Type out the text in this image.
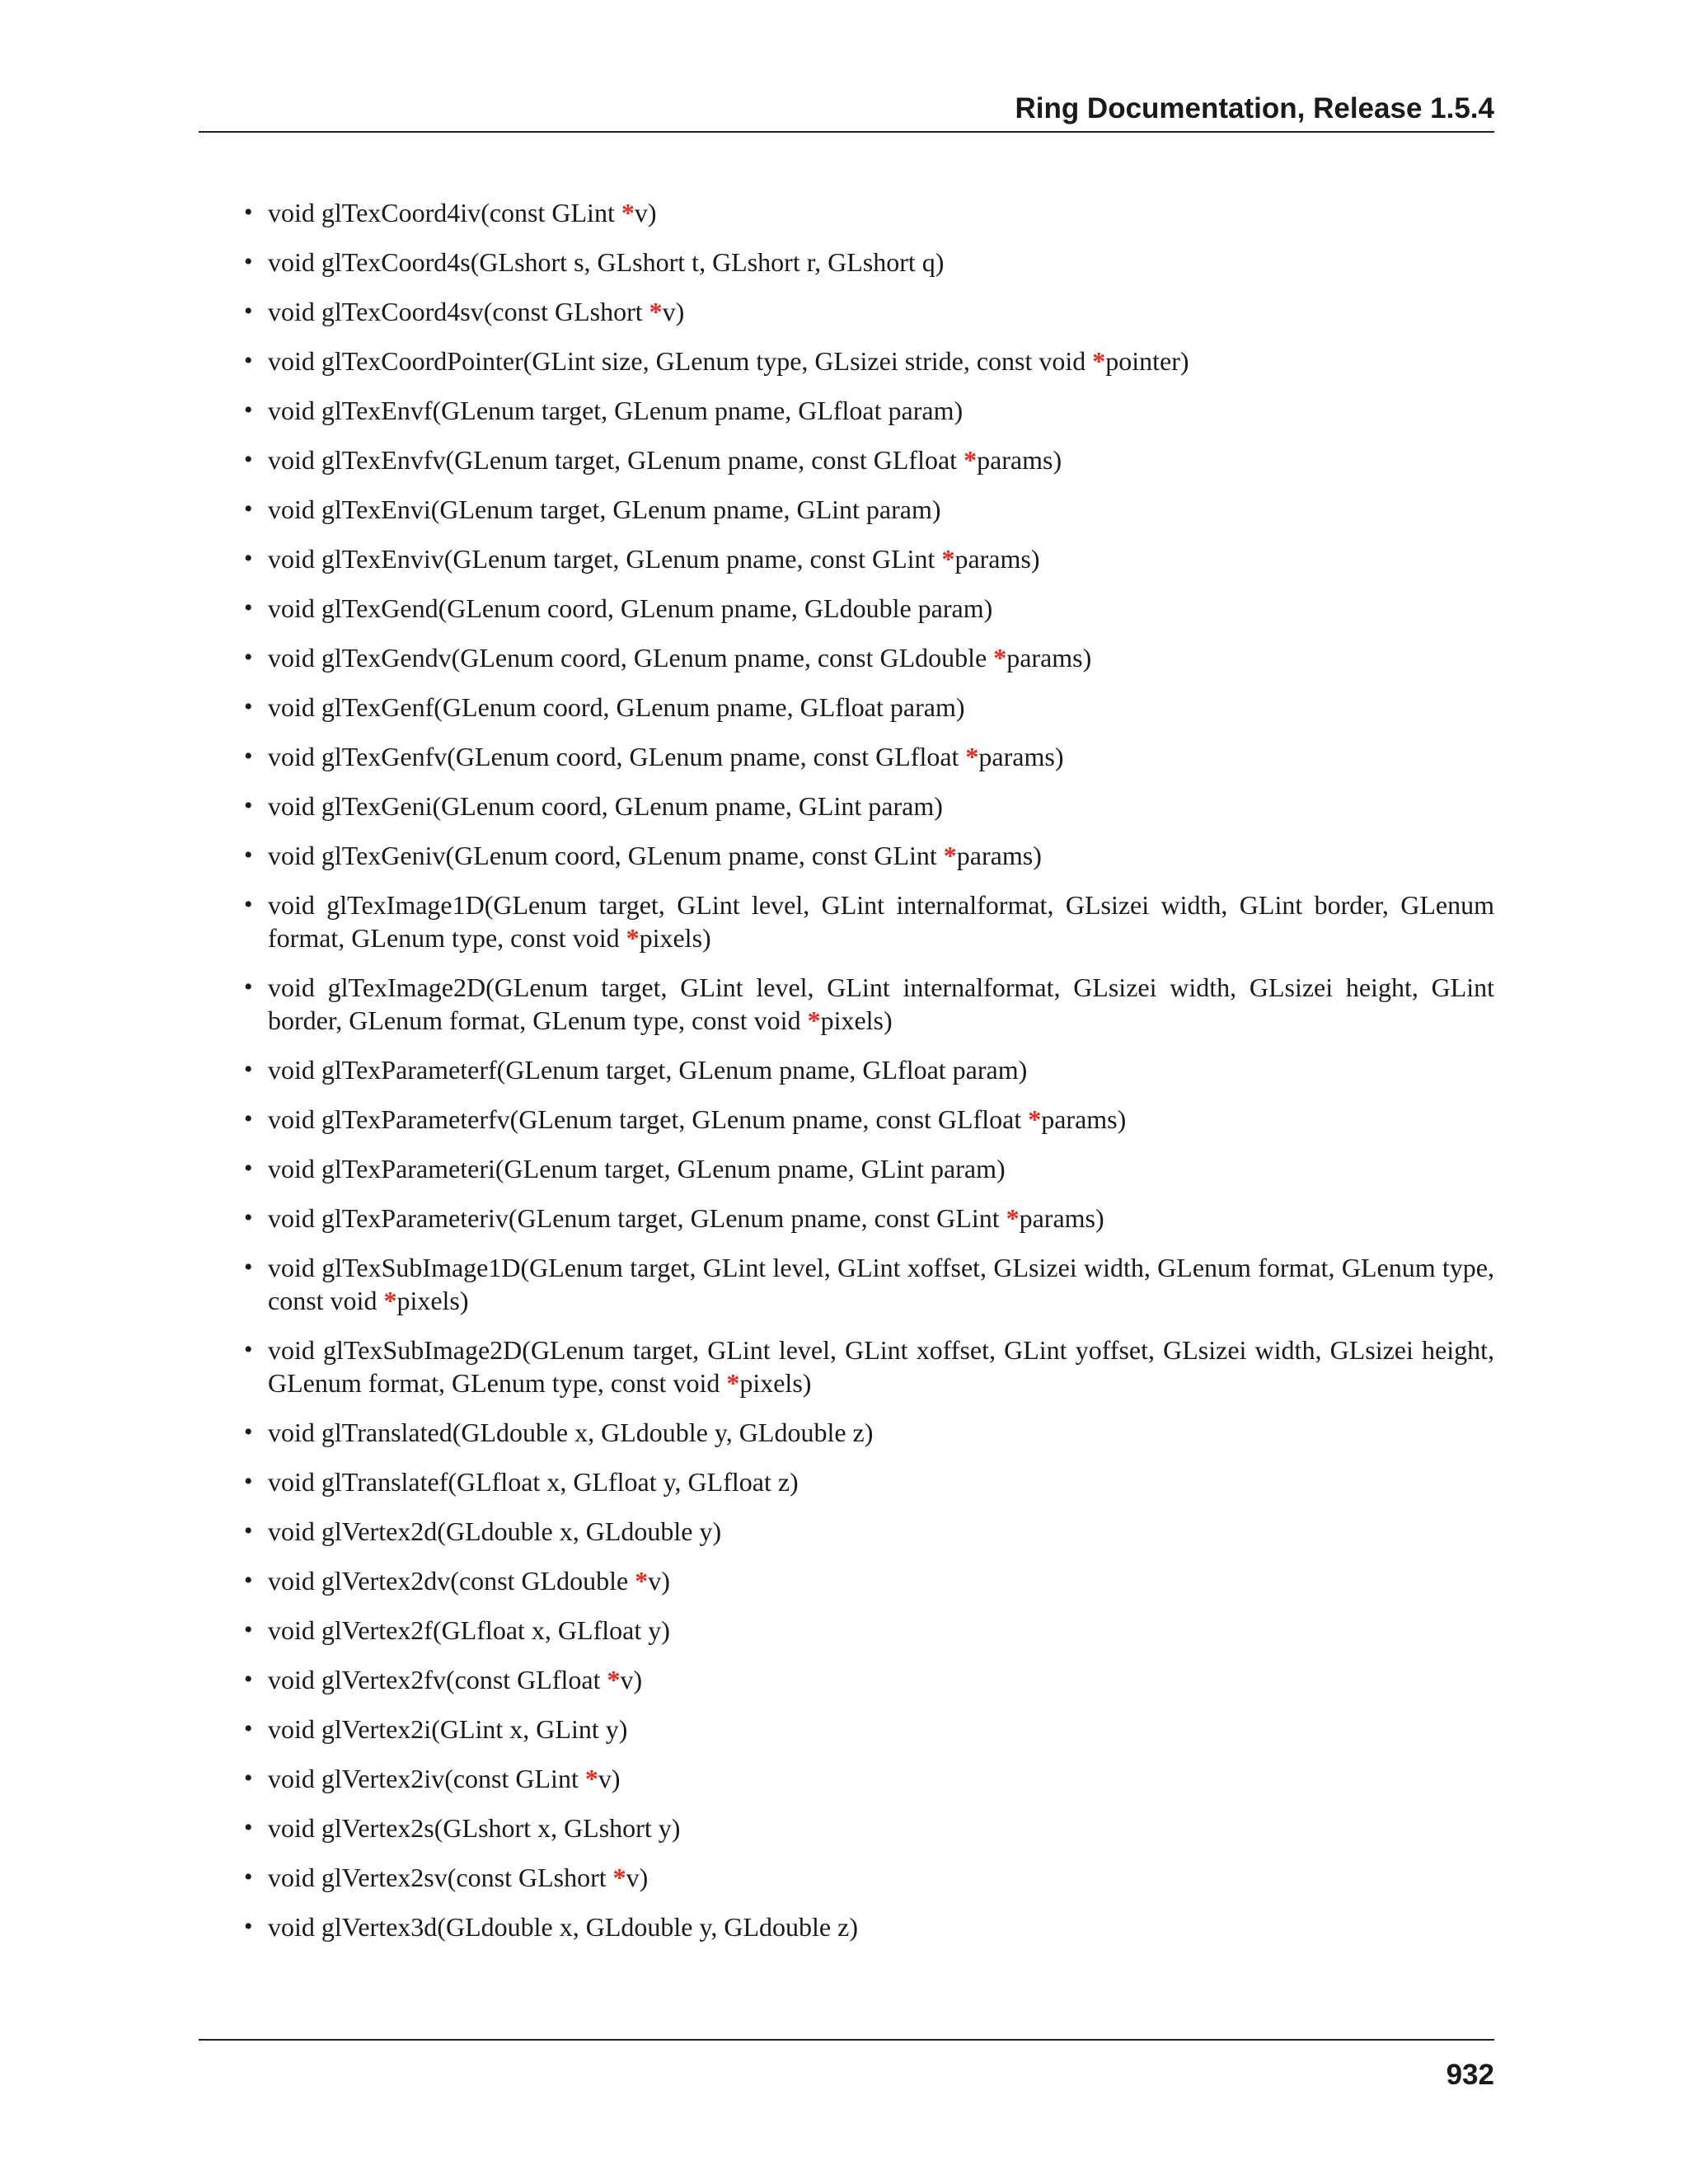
Ring Documentation, Release 1.5.4
• void glTexCoord4iv(const GLint *v)
• void glTexCoord4s(GLshort s, GLshort t, GLshort r, GLshort q)
• void glTexCoord4sv(const GLshort *v)
• void glTexCoordPointer(GLint size, GLenum type, GLsizei stride, const void *pointer)
• void glTexEnvf(GLenum target, GLenum pname, GLfloat param)
• void glTexEnvfv(GLenum target, GLenum pname, const GLfloat *params)
• void glTexEnvi(GLenum target, GLenum pname, GLint param)
• void glTexEnviv(GLenum target, GLenum pname, const GLint *params)
• void glTexGend(GLenum coord, GLenum pname, GLdouble param)
• void glTexGendv(GLenum coord, GLenum pname, const GLdouble *params)
• void glTexGenf(GLenum coord, GLenum pname, GLfloat param)
• void glTexGenfv(GLenum coord, GLenum pname, const GLfloat *params)
• void glTexGeni(GLenum coord, GLenum pname, GLint param)
• void glTexGeniv(GLenum coord, GLenum pname, const GLint *params)
• void glTexImage1D(GLenum target, GLint level, GLint internalformat, GLsizei width, GLint border, GLenum format, GLenum type, const void *pixels)
• void glTexImage2D(GLenum target, GLint level, GLint internalformat, GLsizei width, GLsizei height, GLint border, GLenum format, GLenum type, const void *pixels)
• void glTexParameterf(GLenum target, GLenum pname, GLfloat param)
• void glTexParameterfv(GLenum target, GLenum pname, const GLfloat *params)
• void glTexParameteri(GLenum target, GLenum pname, GLint param)
• void glTexParameteriv(GLenum target, GLenum pname, const GLint *params)
• void glTexSubImage1D(GLenum target, GLint level, GLint xoffset, GLsizei width, GLenum format, GLenum type, const void *pixels)
• void glTexSubImage2D(GLenum target, GLint level, GLint xoffset, GLint yoffset, GLsizei width, GLsizei height, GLenum format, GLenum type, const void *pixels)
• void glTranslated(GLdouble x, GLdouble y, GLdouble z)
• void glTranslatef(GLfloat x, GLfloat y, GLfloat z)
• void glVertex2d(GLdouble x, GLdouble y)
• void glVertex2dv(const GLdouble *v)
• void glVertex2f(GLfloat x, GLfloat y)
• void glVertex2fv(const GLfloat *v)
• void glVertex2i(GLint x, GLint y)
• void glVertex2iv(const GLint *v)
• void glVertex2s(GLshort x, GLshort y)
• void glVertex2sv(const GLshort *v)
• void glVertex3d(GLdouble x, GLdouble y, GLdouble z)
932
